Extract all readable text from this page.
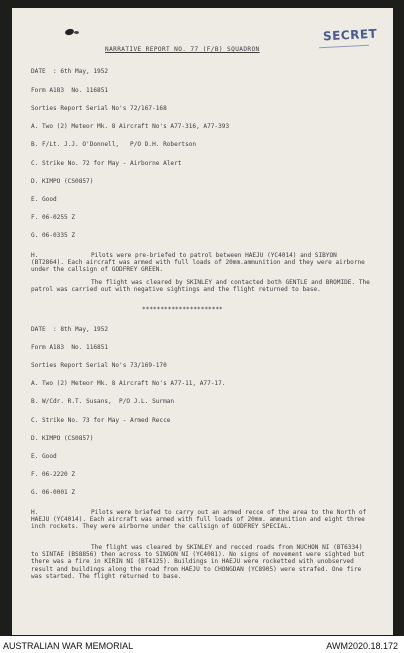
SECRET
NARRATIVE REPORT NO. 77 (F/B) SQUADRON
DATE  : 6th May, 1952
Form A183  No. 116851
Sorties Report Serial No's 72/167-168
A. Two (2) Meteor Mk. 8 Aircraft No's A77-316, A77-393
B. F/Lt. J.J. O'Donnell,   P/O D.H. Robertson
C. Strike No. 72 for May - Airborne Alert
D. KIMPO (CS0857)
E. Good
F. 06-0255 Z
G. 06-0335 Z
H.	Pilots were pre-briefed to patrol between HAEJU (YC4014) and SIBYON (BT2864). Each aircraft was armed with full loads of 20mm.ammunition and they were airborne under the callsign of GODFREY GREEN.
The flight was cleared by SKINLEY and contacted both GENTLE and BROMIDE. The patrol was carried out with negative sightings and the flight returned to base.
**********************
DATE  : 8th May, 1952
Form A183  No. 116851
Sorties Report Serial No's 73/169-170
A. Two (2) Meteor Mk. 8 Aircraft No's A77-11, A77-17.
B. W/Cdr. R.T. Susans,  P/O J.L. Surman
C. Strike No. 73 for May - Armed Recce
D. KIMPO (CS0857)
E. Good
F. 06-2220 Z
G. 06-0001 Z
H.	Pilots were briefed to carry out an armed recce of the area to the North of HAEJU (YC4014). Each aircraft was armed with full loads of 20mm. ammunition and eight three inch rockets. They were airborne under the callsign of GODFREY SPECIAL.
The flight was cleared by SKINLEY and recced roads from NUCHON NI (BT6334) to SINTAE (BS8856) then across to SINGON NI (YC4081). No signs of movement were sighted but there was a fire in KIRIN NI (BT4125). Buildings in HAEJU were rocketted with unobserved result and buildings along the road from HAEJU to CHONGDAN (YC8905) were strafed. One fire was started. The flight returned to base.
AUSTRALIAN WAR MEMORIAL	AWM2020.18.172
